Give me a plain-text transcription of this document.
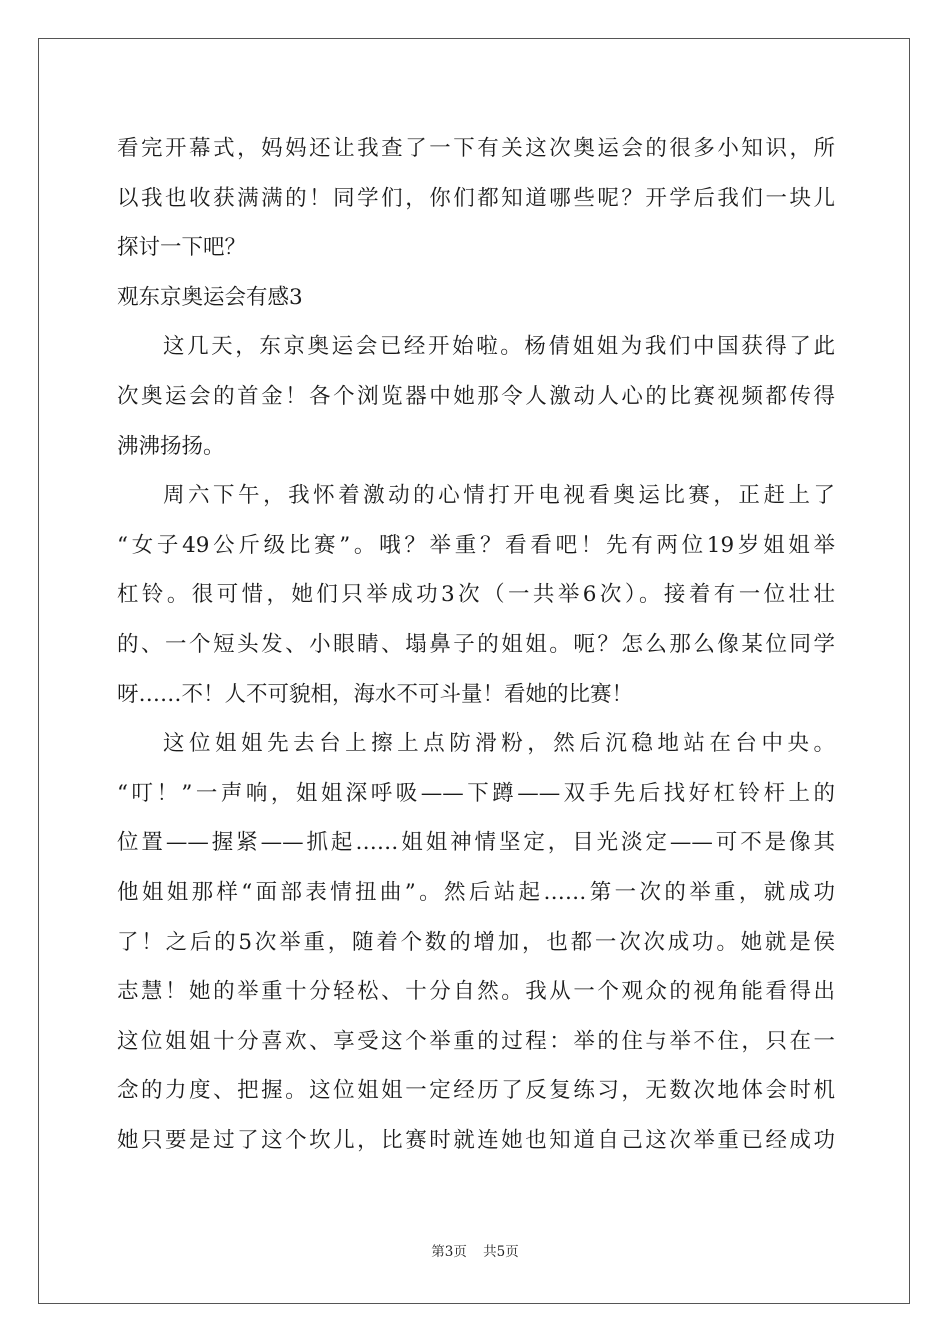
看完开幕式，妈妈还让我查了一下有关这次奥运会的很多小知识，所
以我也收获满满的！同学们，你们都知道哪些呢？开学后我们一块儿
探讨一下吧？
观东京奥运会有感3
这几天，东京奥运会已经开始啦。杨倩姐姐为我们中国获得了此
次奥运会的首金！各个浏览器中她那令人激动人心的比赛视频都传得
沸沸扬扬。
周六下午，我怀着激动的心情打开电视看奥运比赛，正赶上了
“女子49公斤级比赛”。哦？举重？看看吧！先有两位19岁姐姐举
杠铃。很可惜，她们只举成功3次（一共举6次）。接着有一位壮壮
的、一个短头发、小眼睛、塌鼻子的姐姐。呃？怎么那么像某位同学
呀……不！人不可貌相，海水不可斗量！看她的比赛！
这位姐姐先去台上擦上点防滑粉，然后沉稳地站在台中央。
“叮！”一声响，姐姐深呼吸——下蹲——双手先后找好杠铃杆上的
位置——握紧——抓起……姐姐神情坚定，目光淡定——可不是像其
他姐姐那样“面部表情扭曲”。然后站起……第一次的举重，就成功
了！之后的5次举重，随着个数的增加，也都一次次成功。她就是侯
志慧！她的举重十分轻松、十分自然。我从一个观众的视角能看得出
这位姐姐十分喜欢、享受这个举重的过程：举的住与举不住，只在一
念的力度、把握。这位姐姐一定经历了反复练习，无数次地体会时机
她只要是过了这个坎儿，比赛时就连她也知道自己这次举重已经成功
第3页 共5页
